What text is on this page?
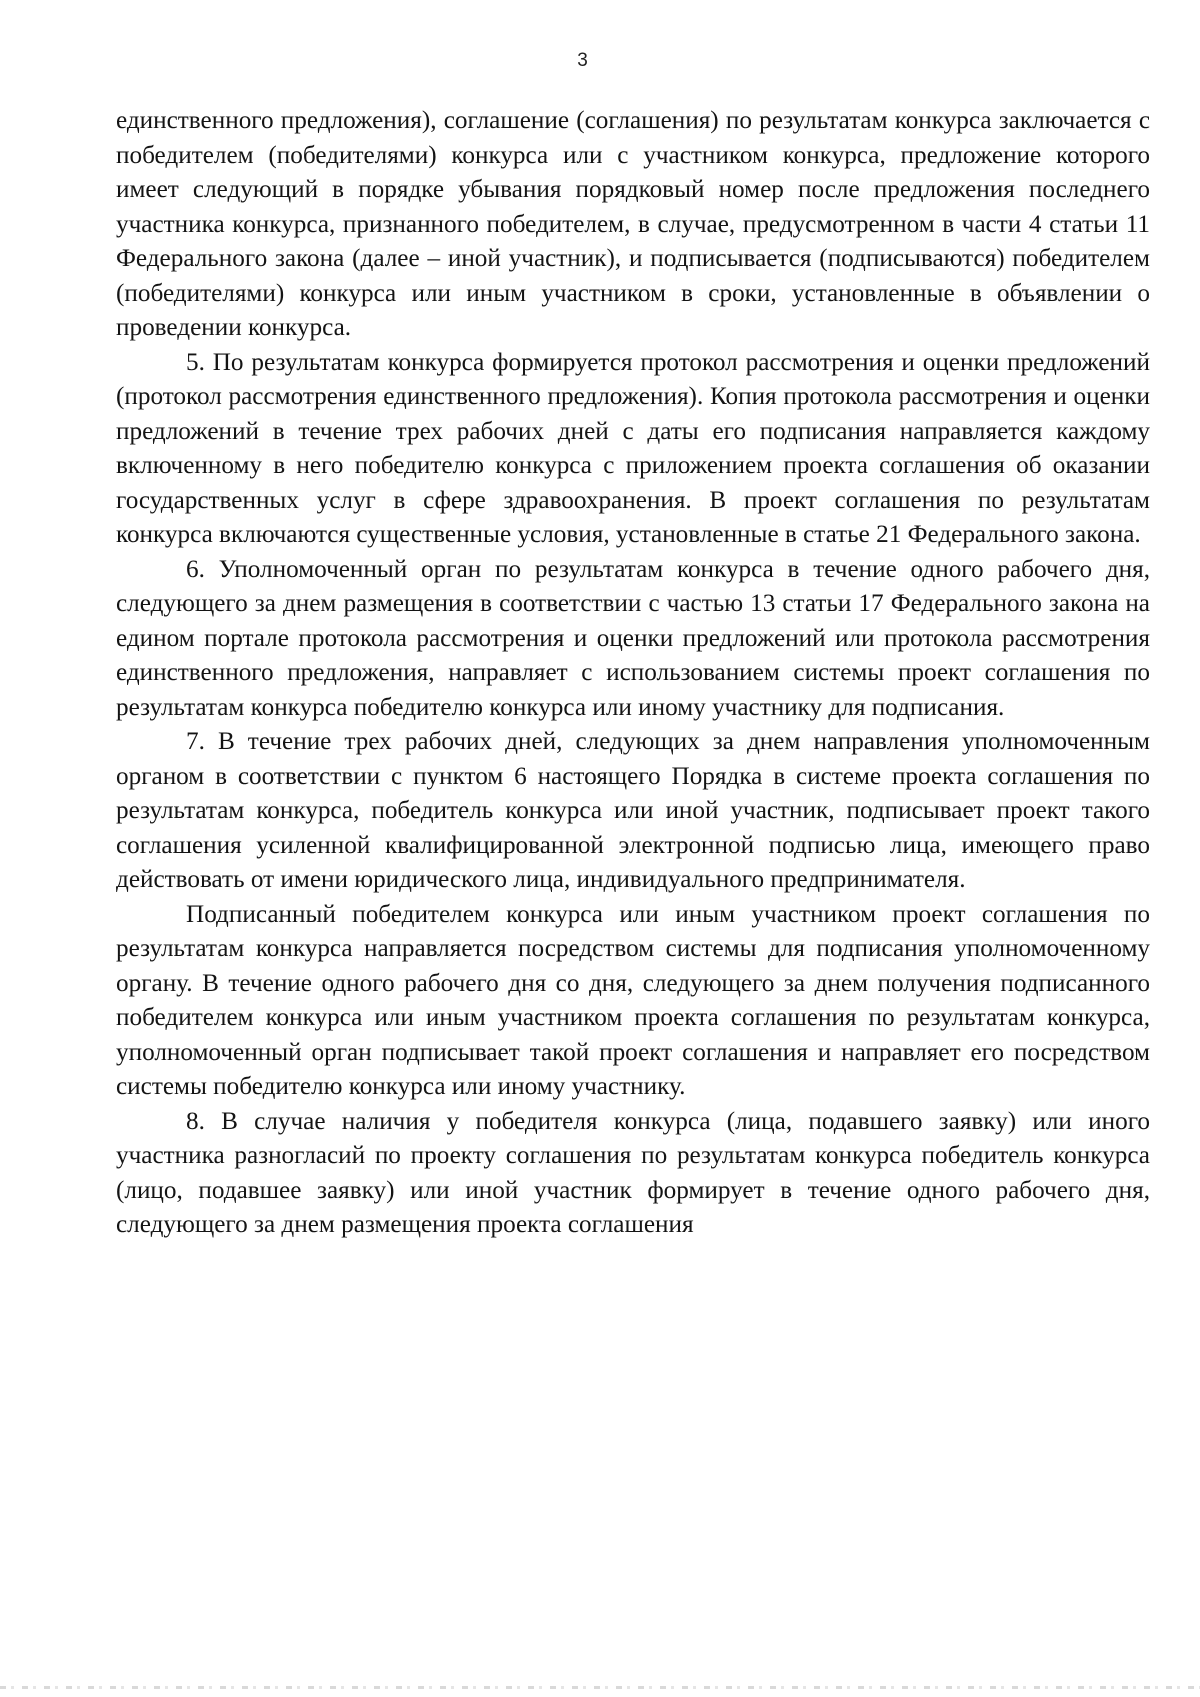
3

единственного предложения), соглашение (соглашения) по результатам конкурса заключается с победителем (победителями) конкурса или с участником конкурса, предложение которого имеет следующий в порядке убывания порядковый номер после предложения последнего участника конкурса, признанного победителем, в случае, предусмотренном в части 4 статьи 11 Федерального закона (далее – иной участник), и подписывается (подписываются) победителем (победителями) конкурса или иным участником в сроки, установленные в объявлении о проведении конкурса.

5. По результатам конкурса формируется протокол рассмотрения и оценки предложений (протокол рассмотрения единственного предложения). Копия протокола рассмотрения и оценки предложений в течение трех рабочих дней с даты его подписания направляется каждому включенному в него победителю конкурса с приложением проекта соглашения об оказании государственных услуг в сфере здравоохранения. В проект соглашения по результатам конкурса включаются существенные условия, установленные в статье 21 Федерального закона.

6. Уполномоченный орган по результатам конкурса в течение одного рабочего дня, следующего за днем размещения в соответствии с частью 13 статьи 17 Федерального закона на едином портале протокола рассмотрения и оценки предложений или протокола рассмотрения единственного предложения, направляет с использованием системы проект соглашения по результатам конкурса победителю конкурса или иному участнику для подписания.

7. В течение трех рабочих дней, следующих за днем направления уполномоченным органом в соответствии с пунктом 6 настоящего Порядка в системе проекта соглашения по результатам конкурса, победитель конкурса или иной участник, подписывает проект такого соглашения усиленной квалифицированной электронной подписью лица, имеющего право действовать от имени юридического лица, индивидуального предпринимателя.

Подписанный победителем конкурса или иным участником проект соглашения по результатам конкурса направляется посредством системы для подписания уполномоченному органу. В течение одного рабочего дня со дня, следующего за днем получения подписанного победителем конкурса или иным участником проекта соглашения по результатам конкурса, уполномоченный орган подписывает такой проект соглашения и направляет его посредством системы победителю конкурса или иному участнику.

8. В случае наличия у победителя конкурса (лица, подавшего заявку) или иного участника разногласий по проекту соглашения по результатам конкурса победитель конкурса (лицо, подавшее заявку) или иной участник формирует в течение одного рабочего дня, следующего за днем размещения проекта соглашения
